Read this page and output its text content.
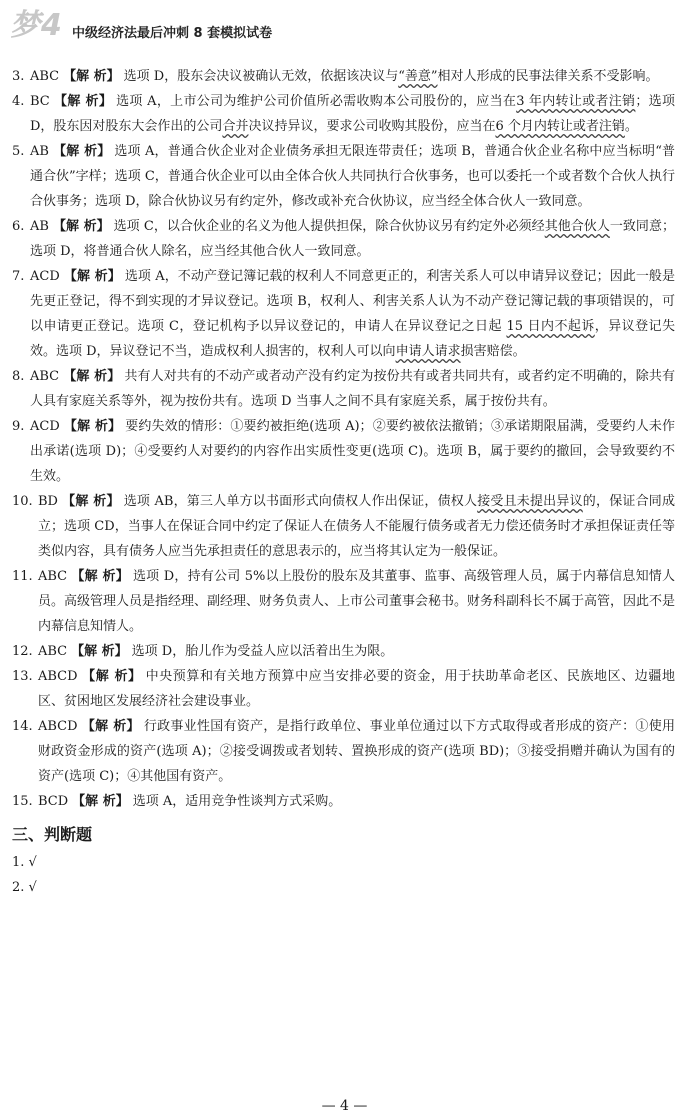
梦4 中级经济法最后冲刺 8 套模拟试卷
3. ABC 【解 析】 选项 D，股东会决议被确认无效，依据该决议与“善意”相对人形成的民事法律关系不受影响。
4. BC 【解 析】 选项 A，上市公司为维护公司价值所必需收购本公司股份的，应当在3 年内转让或者注销；选项 D，股东因对股东大会作出的公司合并决议持异议，要求公司收购其股份，应当在6 个月内转让或者注销。
5. AB 【解 析】 选项 A，普通合伙企业对企业债务承担无限连带责任；选项 B，普通合伙企业名称中应当标明“普通合伙”字样；选项 C，普通合伙企业可以由全体合伙人共同执行合伙事务，也可以委托一个或者数个合伙人执行合伙事务；选项 D，除合伙协议另有约定外，修改或补充合伙协议，应当经全体合伙人一致同意。
6. AB 【解 析】 选项 C，以合伙企业的名义为他人提供担保，除合伙协议另有约定外必须经其他合伙人一致同意；选项 D，将普通合伙人除名，应当经其他合伙人一致同意。
7. ACD 【解 析】 选项 A，不动产登记簿记载的权利人不同意更正的，利害关系人可以申请异议登记；因此一般是先更正登记，得不到实现的才异议登记。选项 B，权利人、利害关系人认为不动产登记簿记载的事项错误的，可以申请更正登记。选项 C，登记机构予以异议登记的，申请人在异议登记之日起 15 日内不起诉，异议登记失效。选项 D，异议登记不当，造成权利人损害的，权利人可以向申请人请求损害赔偿。
8. ABC 【解 析】 共有人对共有的不动产或者动产没有约定为按份共有或者共同共有，或者约定不明确的，除共有人具有家庭关系等外，视为按份共有。选项 D 当事人之间不具有家庭关系，属于按份共有。
9. ACD 【解 析】 要约失效的情形：①要约被拒绝(选项 A)；②要约被依法撤销；③承诺期限届满，受要约人未作出承诺(选项 D)；④受要约人对要约的内容作出实质性变更(选项 C)。选项 B，属于要约的撤回，会导致要约不生效。
10. BD 【解 析】 选项 AB，第三人单方以书面形式向债权人作出保证，债权人接受且未提出异议的，保证合同成立；选项 CD，当事人在保证合同中约定了保证人在债务人不能履行债务或者无力偿还债务时才承担保证责任等类似内容，具有债务人应当先承担责任的意思表示的，应当将其认定为一般保证。
11. ABC 【解 析】 选项 D，持有公司 5%以上股份的股东及其董事、监事、高级管理人员，属于内幕信息知情人员。高级管理人员是指经理、副经理、财务负责人、上市公司董事会秘书。财务科副科长不属于高管，因此不是内幕信息知情人。
12. ABC 【解 析】 选项 D，胎儿作为受益人应以活着出生为限。
13. ABCD 【解 析】 中央预算和有关地方预算中应当安排必要的资金，用于扶助革命老区、民族地区、边疆地区、贫困地区发展经济社会建设事业。
14. ABCD 【解 析】 行政事业性国有资产，是指行政单位、事业单位通过以下方式取得或者形成的资产：①使用财政资金形成的资产(选项 A)；②接受调拨或者划转、置换形成的资产(选项 BD)；③接受捐赠并确认为国有的资产(选项 C)；④其他国有资产。
15. BCD 【解 析】 选项 A，适用竞争性谈判方式采购。
三、判断题
1. √
2. √
— 4 —
